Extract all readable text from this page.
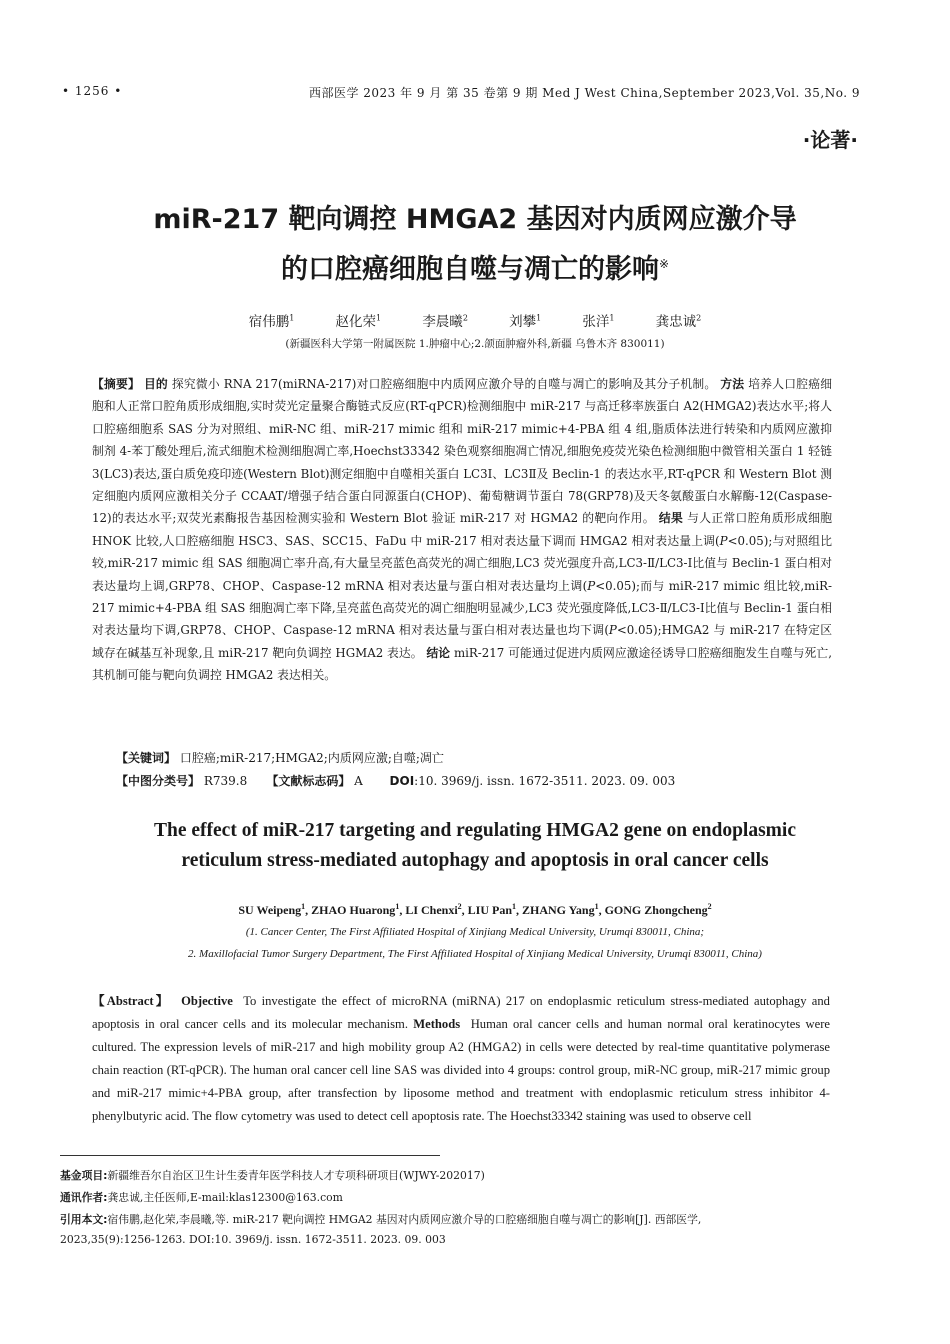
• 1256 •	西部医学 2023 年 9 月 第 35 卷第 9 期 Med J West China,September 2023,Vol. 35,No. 9
·论著·
miR-217 靶向调控 HMGA2 基因对内质网应激介导
的口腔癌细胞自噬与凋亡的影响※
宿伟鹏$^1$	赵化荣$^1$	李晨曦$^2$	刘攀$^1$	张洋$^1$	龚忠诚$^2$
(新疆医科大学第一附属医院 1.肿瘤中心;2.颌面肿瘤外科,新疆 乌鲁木齐 830011)
【摘要】 目的 探究微小 RNA 217(miRNA-217)对口腔癌细胞中内质网应激介导的自噬与凋亡的影响及其分子机制。 方法 培养人口腔癌细胞和人正常口腔角质形成细胞,实时荧光定量聚合酶链式反应(RT-qPCR)检测细胞中 miR-217 与高迁移率族蛋白 A2(HMGA2)表达水平;将人口腔癌细胞系 SAS 分为对照组、miR-NC 组、miR-217 mimic 组和 miR-217 mimic+4-PBA 组 4 组,脂质体法进行转染和内质网应激抑制剂 4-苯丁酸处理后,流式细胞术检测细胞凋亡率,Hoechst33342 染色观察细胞凋亡情况,细胞免疫荧光染色检测细胞中微管相关蛋白 1 轻链 3(LC3)表达,蛋白质免疫印迹(Western Blot)测定细胞中自噬相关蛋白 LC3Ⅰ、LC3Ⅱ及 Beclin-1 的表达水平,RT-qPCR 和 Western Blot 测定细胞内质网应激相关分子 CCAAT/增强子结合蛋白同源蛋白(CHOP)、葡萄糖调节蛋白 78(GRP78)及天冬氨酸蛋白水解酶-12(Caspase-12)的表达水平;双荧光素酶报告基因检测实验和 Western Blot 验证 miR-217 对 HGMA2 的靶向作用。 结果 与人正常口腔角质形成细胞 HNOK 比较,人口腔癌细胞 HSC3、SAS、SCC15、FaDu 中 miR-217 相对表达量下调而 HMGA2 相对表达量上调(P<0.05);与对照组比较,miR-217 mimic 组 SAS 细胞凋亡率升高,有大量呈亮蓝色高荧光的凋亡细胞,LC3 荧光强度升高,LC3-Ⅱ/LC3-Ⅰ比值与 Beclin-1 蛋白相对表达量均上调,GRP78、CHOP、Caspase-12 mRNA 相对表达量与蛋白相对表达量均上调(P<0.05);而与 miR-217 mimic 组比较,miR-217 mimic+4-PBA 组 SAS 细胞凋亡率下降,呈亮蓝色高荧光的凋亡细胞明显减少,LC3 荧光强度降低,LC3-Ⅱ/LC3-Ⅰ比值与 Beclin-1 蛋白相对表达量均下调,GRP78、CHOP、Caspase-12 mRNA 相对表达量与蛋白相对表达量也均下调(P<0.05);HMGA2 与 miR-217 在特定区域存在碱基互补现象,且 miR-217 靶向负调控 HGMA2 表达。 结论 miR-217 可能通过促进内质网应激途径诱导口腔癌细胞发生自噬与死亡,其机制可能与靶向负调控 HMGA2 表达相关。
【关键词】 口腔癌;miR-217;HMGA2;内质网应激;自噬;凋亡
【中图分类号】 R739.8 【文献标志码】 A DOI:10. 3969/j. issn. 1672-3511. 2023. 09. 003
The effect of miR-217 targeting and regulating HMGA2 gene on endoplasmic
reticulum stress-mediated autophagy and apoptosis in oral cancer cells
SU Weipeng$^1$, ZHAO Huarong$^1$, LI Chenxi$^2$, LIU Pan$^1$, ZHANG Yang$^1$, GONG Zhongcheng$^2$
(1. Cancer Center, The First Affiliated Hospital of Xinjiang Medical University, Urumqi 830011, China;
2. Maxillofacial Tumor Surgery Department, The First Affiliated Hospital of Xinjiang Medical University, Urumqi 830011, China)
【Abstract】 Objective To investigate the effect of microRNA (miRNA) 217 on endoplasmic reticulum stress-mediated autophagy and apoptosis in oral cancer cells and its molecular mechanism. Methods Human oral cancer cells and human normal oral keratinocytes were cultured. The expression levels of miR-217 and high mobility group A2 (HMGA2) in cells were detected by real-time quantitative polymerase chain reaction (RT-qPCR). The human oral cancer cell line SAS was divided into 4 groups: control group, miR-NC group, miR-217 mimic group and miR-217 mimic+4-PBA group, after transfection by liposome method and treatment with endoplasmic reticulum stress inhibitor 4-phenylbutyric acid. The flow cytometry was used to detect cell apoptosis rate. The Hoechst33342 staining was used to observe cell
基金项目:新疆维吾尔自治区卫生计生委青年医学科技人才专项科研项目(WJWY-202017)
通讯作者:龚忠诚,主任医师,E-mail:klas12300@163.com
引用本文:宿伟鹏,赵化荣,李晨曦,等. miR-217 靶向调控 HMGA2 基因对内质网应激介导的口腔癌细胞自噬与凋亡的影响[J]. 西部医学,
2023,35(9):1256-1263. DOI:10. 3969/j. issn. 1672-3511. 2023. 09. 003
